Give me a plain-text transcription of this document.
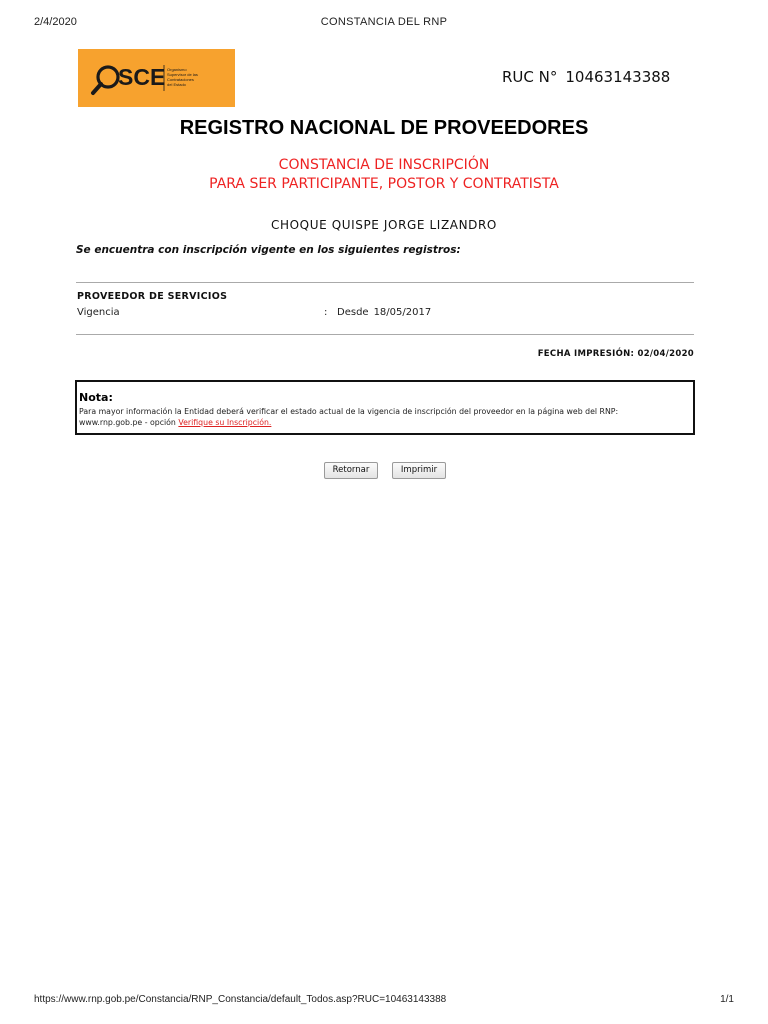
2/4/2020	CONSTANCIA DEL RNP
SCE Organismo
Supervisor de las
Contrataciones
del Estado	RUC N° 10463143388
REGISTRO NACIONAL DE PROVEEDORES
CONSTANCIA DE INSCRIPCIÓN
PARA SER PARTICIPANTE, POSTOR Y CONTRATISTA
CHOQUE QUISPE JORGE LIZANDRO
Se encuentra con inscripción vigente en los siguientes registros:
PROVEEDOR DE SERVICIOS
Vigencia	: Desde 18/05/2017
FECHA IMPRESIÓN: 02/04/2020
Nota:
Para mayor información la Entidad deberá verificar el estado actual de la vigencia de inscripción del proveedor en la página web del RNP:
www.rnp.gob.pe - opción Verifique su Inscripción.
Retornar	Imprimir
https://www.rnp.gob.pe/Constancia/RNP_Constancia/default_Todos.asp?RUC=10463143388	1/1
